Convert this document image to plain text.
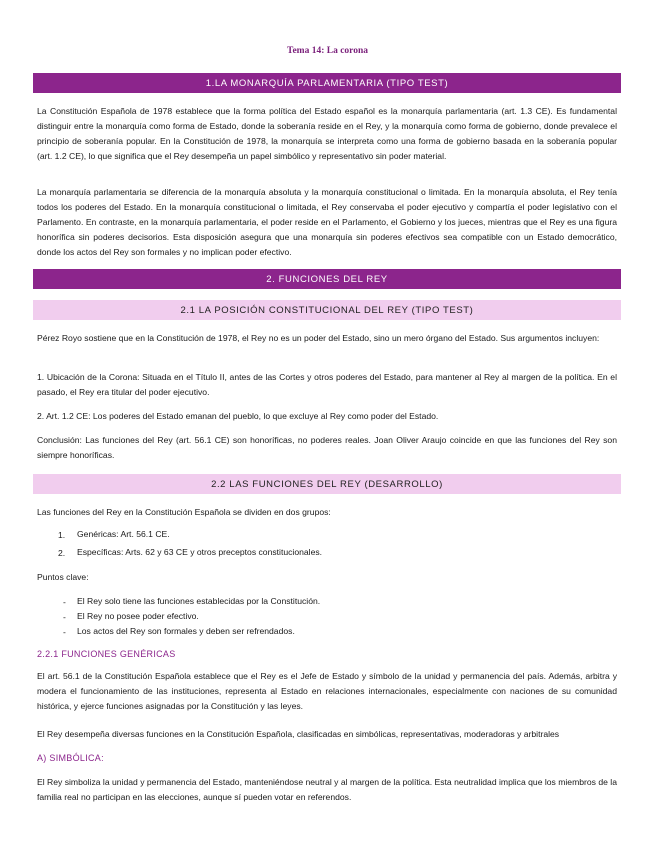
Tema 14: La corona
1.LA MONARQUÍA PARLAMENTARIA (TIPO TEST)

La Constitución Española de 1978 establece que la forma política del Estado español es la monarquía parlamentaria (art. 1.3 CE). Es fundamental distinguir entre la monarquía como forma de Estado, donde la soberanía reside en el Rey, y la monarquía como forma de gobierno, donde prevalece el principio de soberanía popular. En la Constitución de 1978, la monarquía se interpreta como una forma de gobierno basada en la soberanía popular (art. 1.2 CE), lo que significa que el Rey desempeña un papel simbólico y representativo sin poder material.

La monarquía parlamentaria se diferencia de la monarquía absoluta y la monarquía constitucional o limitada. En la monarquía absoluta, el Rey tenía todos los poderes del Estado. En la monarquía constitucional o limitada, el Rey conservaba el poder ejecutivo y compartía el poder legislativo con el Parlamento. En contraste, en la monarquía parlamentaria, el poder reside en el Parlamento, el Gobierno y los jueces, mientras que el Rey es una figura honorífica sin poderes decisorios. Esta disposición asegura que una monarquía sin poderes efectivos sea compatible con un Estado democrático, donde los actos del Rey son formales y no implican poder efectivo.

2. FUNCIONES DEL REY
2.1 LA POSICIÓN CONSTITUCIONAL DEL REY (TIPO TEST)

Pérez Royo sostiene que en la Constitución de 1978, el Rey no es un poder del Estado, sino un mero órgano del Estado. Sus argumentos incluyen:

1. Ubicación de la Corona: Situada en el Título II, antes de las Cortes y otros poderes del Estado, para mantener al Rey al margen de la política. En el pasado, el Rey era titular del poder ejecutivo.

2. Art. 1.2 CE: Los poderes del Estado emanan del pueblo, lo que excluye al Rey como poder del Estado.

Conclusión: Las funciones del Rey (art. 56.1 CE) son honoríficas, no poderes reales. Joan Oliver Araujo coincide en que las funciones del Rey son siempre honoríficas.

2.2 LAS FUNCIONES DEL REY (DESARROLLO)

Las funciones del Rey en la Constitución Española se dividen en dos grupos:

1. Genéricas: Art. 56.1 CE.

2. Específicas: Arts. 62 y 63 CE y otros preceptos constitucionales.

Puntos clave:

- El Rey solo tiene las funciones establecidas por la Constitución.

- El Rey no posee poder efectivo.

- Los actos del Rey son formales y deben ser refrendados.

2.2.1 FUNCIONES GENÉRICAS

El art. 56.1 de la Constitución Española establece que el Rey es el Jefe de Estado y símbolo de la unidad y permanencia del país. Además, arbitra y modera el funcionamiento de las instituciones, representa al Estado en relaciones internacionales, especialmente con naciones de su comunidad histórica, y ejerce funciones asignadas por la Constitución y las leyes.

El Rey desempeña diversas funciones en la Constitución Española, clasificadas en simbólicas, representativas, moderadoras y arbitrales

A) SIMBÓLICA:

El Rey simboliza la unidad y permanencia del Estado, manteniéndose neutral y al margen de la política. Esta neutralidad implica que los miembros de la familia real no participan en las elecciones, aunque sí pueden votar en referendos.
